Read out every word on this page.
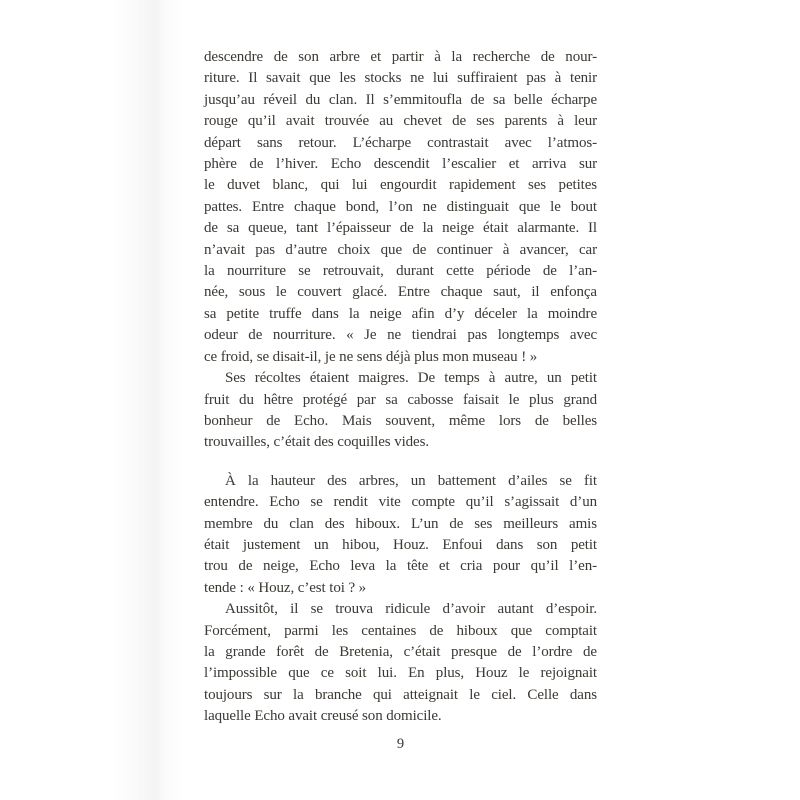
descendre de son arbre et partir à la recherche de nour-
riture. Il savait que les stocks ne lui suffiraient pas à tenir
jusqu’au réveil du clan. Il s’emmitoufla de sa belle écharpe
rouge qu’il avait trouvée au chevet de ses parents à leur
départ sans retour. L’écharpe contrastait avec l’atmos-
phère de l’hiver. Echo descendit l’escalier et arriva sur
le duvet blanc, qui lui engourdit rapidement ses petites
pattes. Entre chaque bond, l’on ne distinguait que le bout
de sa queue, tant l’épaisseur de la neige était alarmante. Il
n’avait pas d’autre choix que de continuer à avancer, car
la nourriture se retrouvait, durant cette période de l’an-
née, sous le couvert glacé. Entre chaque saut, il enfonça
sa petite truffe dans la neige afin d’y déceler la moindre
odeur de nourriture. « Je ne tiendrai pas longtemps avec
ce froid, se disait-il, je ne sens déjà plus mon museau ! »
Ses récoltes étaient maigres. De temps à autre, un petit
fruit du hêtre protégé par sa cabosse faisait le plus grand
bonheur de Echo. Mais souvent, même lors de belles
trouvailles, c’était des coquilles vides.
À la hauteur des arbres, un battement d’ailes se fit
entendre. Echo se rendit vite compte qu’il s’agissait d’un
membre du clan des hiboux. L’un de ses meilleurs amis
était justement un hibou, Houz. Enfoui dans son petit
trou de neige, Echo leva la tête et cria pour qu’il l’en-
tende : « Houz, c’est toi ? »
Aussitôt, il se trouva ridicule d’avoir autant d’espoir.
Forcément, parmi les centaines de hiboux que comptait
la grande forêt de Bretenia, c’était presque de l’ordre de
l’impossible que ce soit lui. En plus, Houz le rejoignait
toujours sur la branche qui atteignait le ciel. Celle dans
laquelle Echo avait creusé son domicile.
9
